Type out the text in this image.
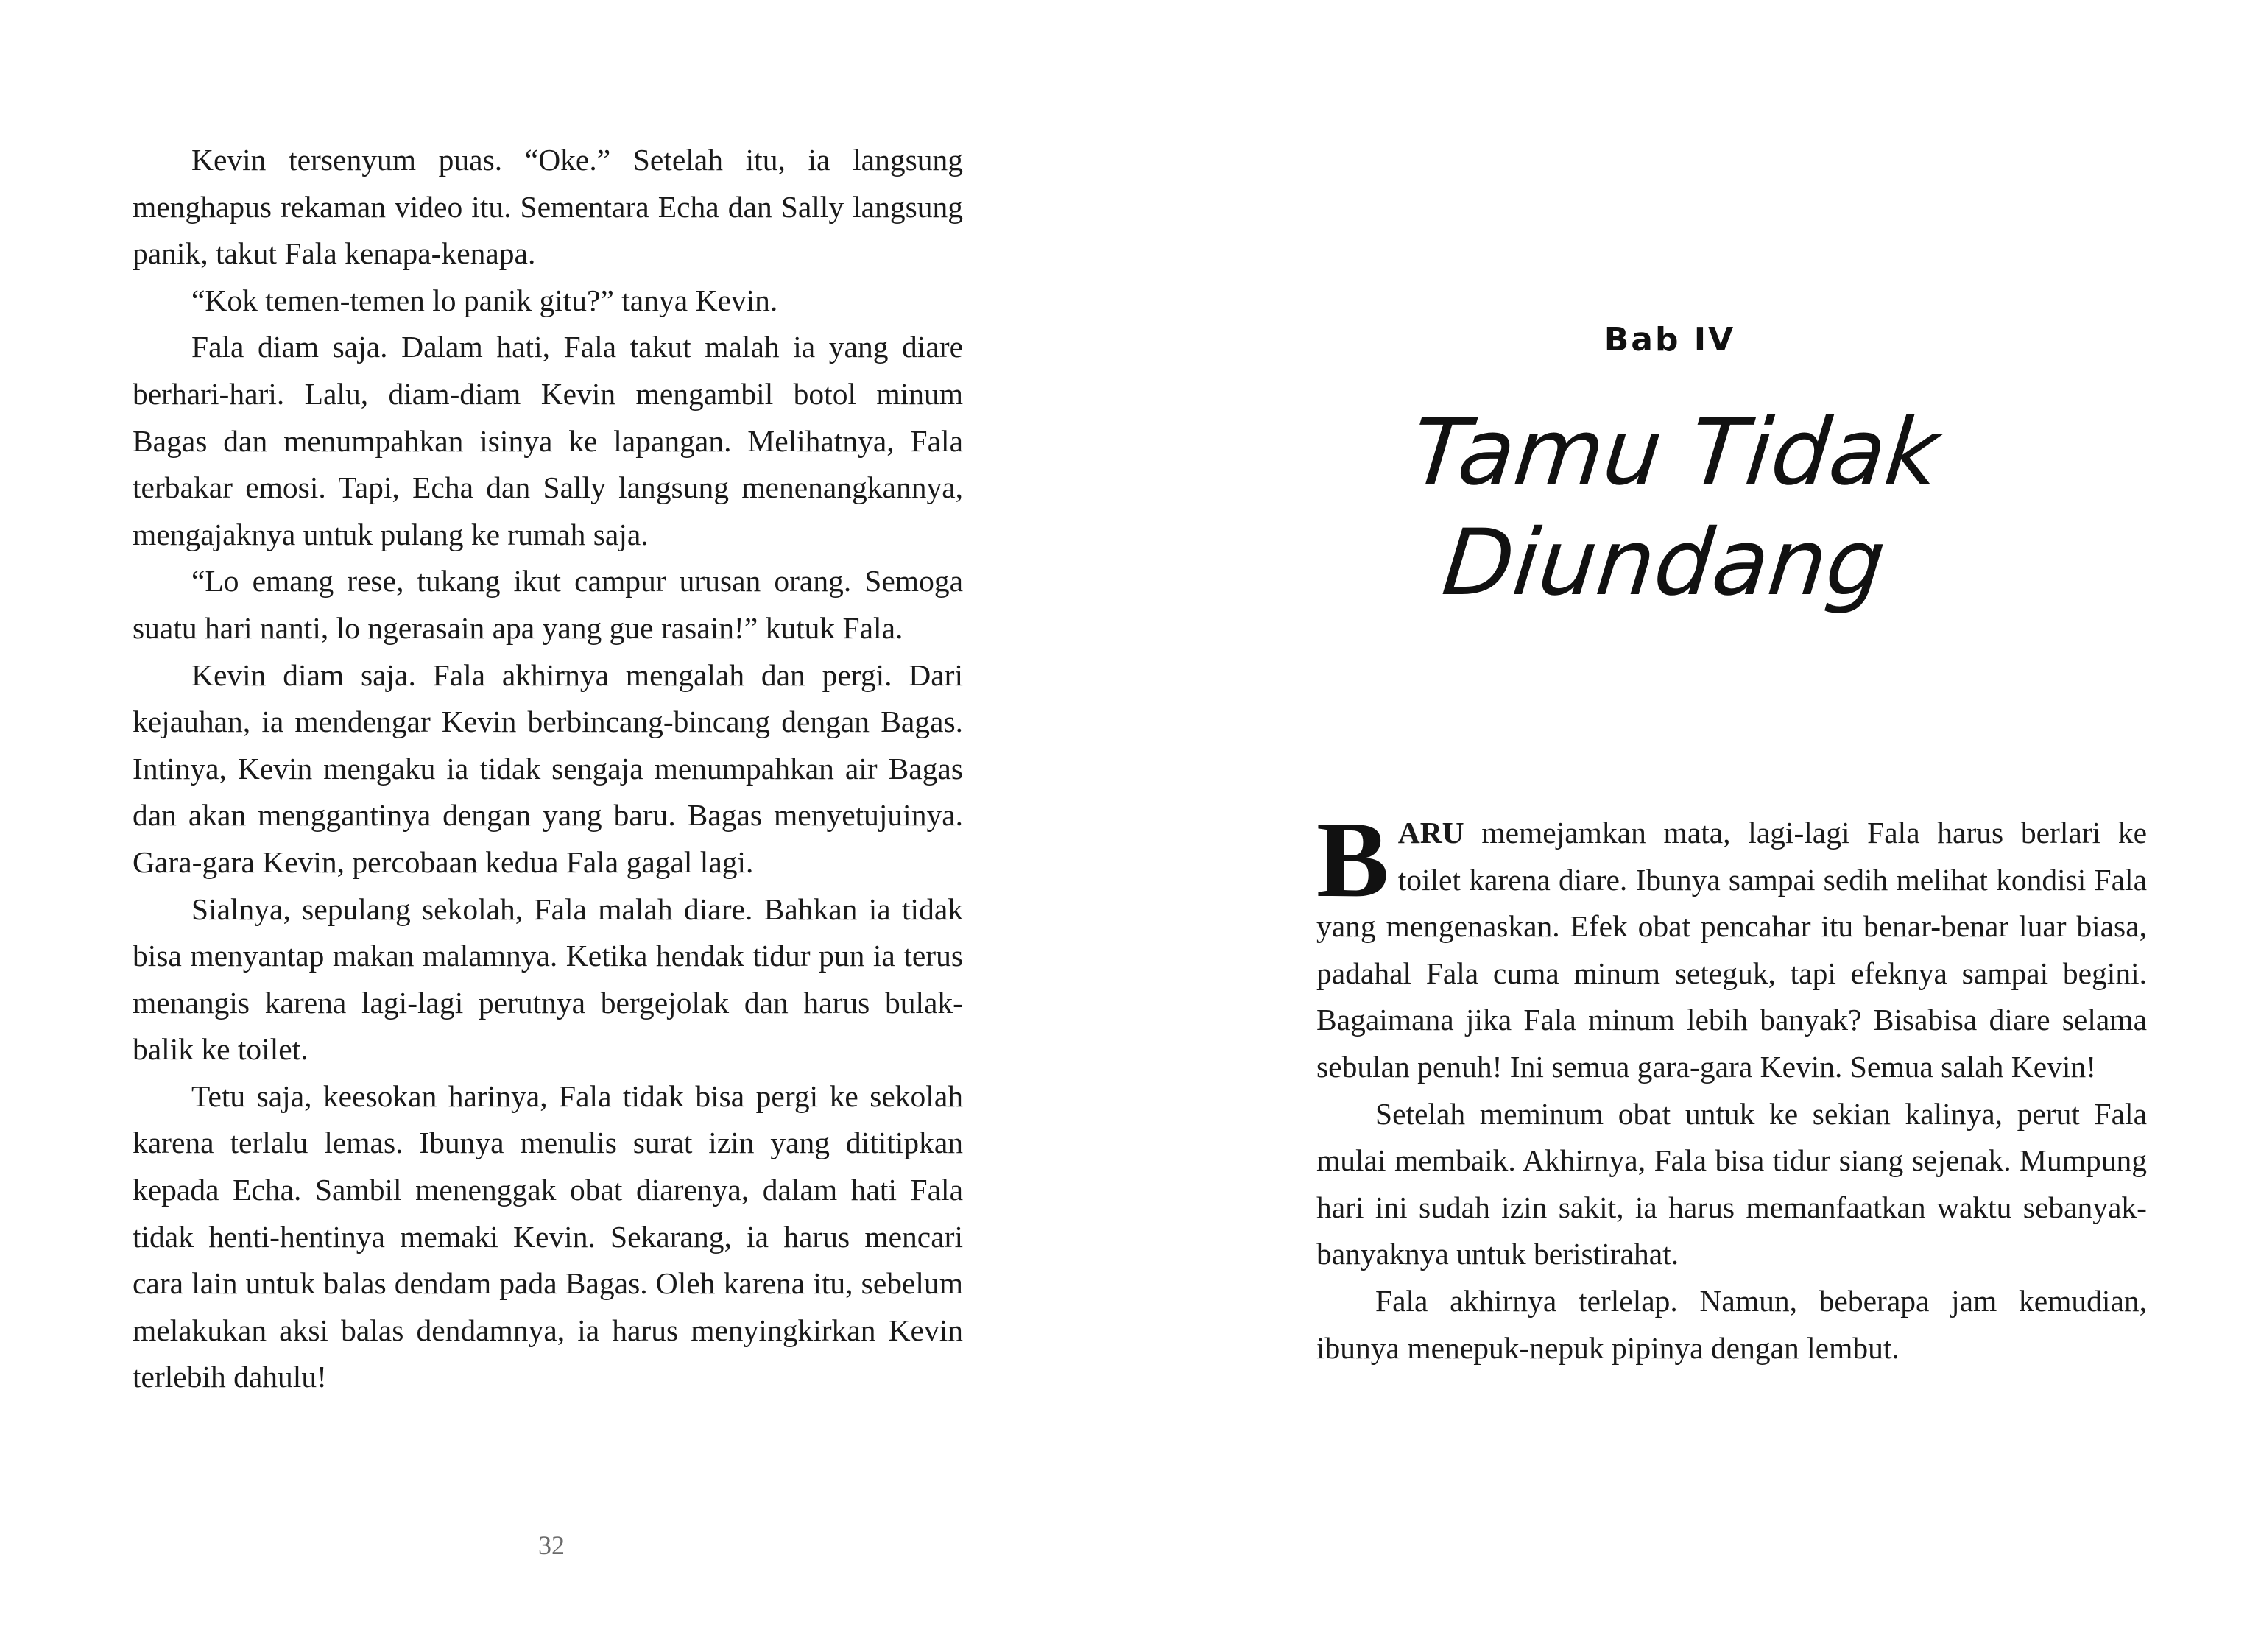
Kevin tersenyum puas. “Oke.” Setelah itu, ia langsung menghapus rekaman video itu. Sementara Echa dan Sally langsung panik, takut Fala kenapa-kenapa.

“Kok temen-temen lo panik gitu?” tanya Kevin.

Fala diam saja. Dalam hati, Fala takut malah ia yang diare berhari-hari. Lalu, diam-diam Kevin mengambil botol minum Bagas dan menumpahkan isinya ke lapangan. Melihatnya, Fala terbakar emosi. Tapi, Echa dan Sally langsung menenangkannya, mengajaknya untuk pulang ke rumah saja.

“Lo emang rese, tukang ikut campur urusan orang. Semoga suatu hari nanti, lo ngerasain apa yang gue rasain!” kutuk Fala.

Kevin diam saja. Fala akhirnya mengalah dan pergi. Dari kejauhan, ia mendengar Kevin berbincang-bincang dengan Bagas. Intinya, Kevin mengaku ia tidak sengaja menumpahkan air Bagas dan akan menggantinya dengan yang baru. Bagas menyetujuinya. Gara-gara Kevin, percobaan kedua Fala gagal lagi.

Sialnya, sepulang sekolah, Fala malah diare. Bahkan ia tidak bisa menyantap makan malamnya. Ketika hendak tidur pun ia terus menangis karena lagi-lagi perutnya bergejolak dan harus bulak-balik ke toilet.

Tetu saja, keesokan harinya, Fala tidak bisa pergi ke sekolah karena terlalu lemas. Ibunya menulis surat izin yang dititipkan kepada Echa. Sambil menenggak obat diarenya, dalam hati Fala tidak henti-hentinya memaki Kevin. Sekarang, ia harus mencari cara lain untuk balas dendam pada Bagas. Oleh karena itu, sebelum melakukan aksi balas dendamnya, ia harus menyingkirkan Kevin terlebih dahulu!

32
Bab IV
Tamu Tidak
Diundang

BARU memejamkan mata, lagi-lagi Fala harus berlari ke toilet karena diare. Ibunya sampai sedih melihat kondisi Fala yang mengenaskan. Efek obat pencahar itu benar-benar luar biasa, padahal Fala cuma minum seteguk, tapi efeknya sampai begini. Bagaimana jika Fala minum lebih banyak? Bisabisa diare selama sebulan penuh! Ini semua gara-gara Kevin. Semua salah Kevin!

Setelah meminum obat untuk ke sekian kalinya, perut Fala mulai membaik. Akhirnya, Fala bisa tidur siang sejenak. Mumpung hari ini sudah izin sakit, ia harus memanfaatkan waktu sebanyak-banyaknya untuk beristirahat.

Fala akhirnya terlelap. Namun, beberapa jam kemudian, ibunya menepuk-nepuk pipinya dengan lembut.
